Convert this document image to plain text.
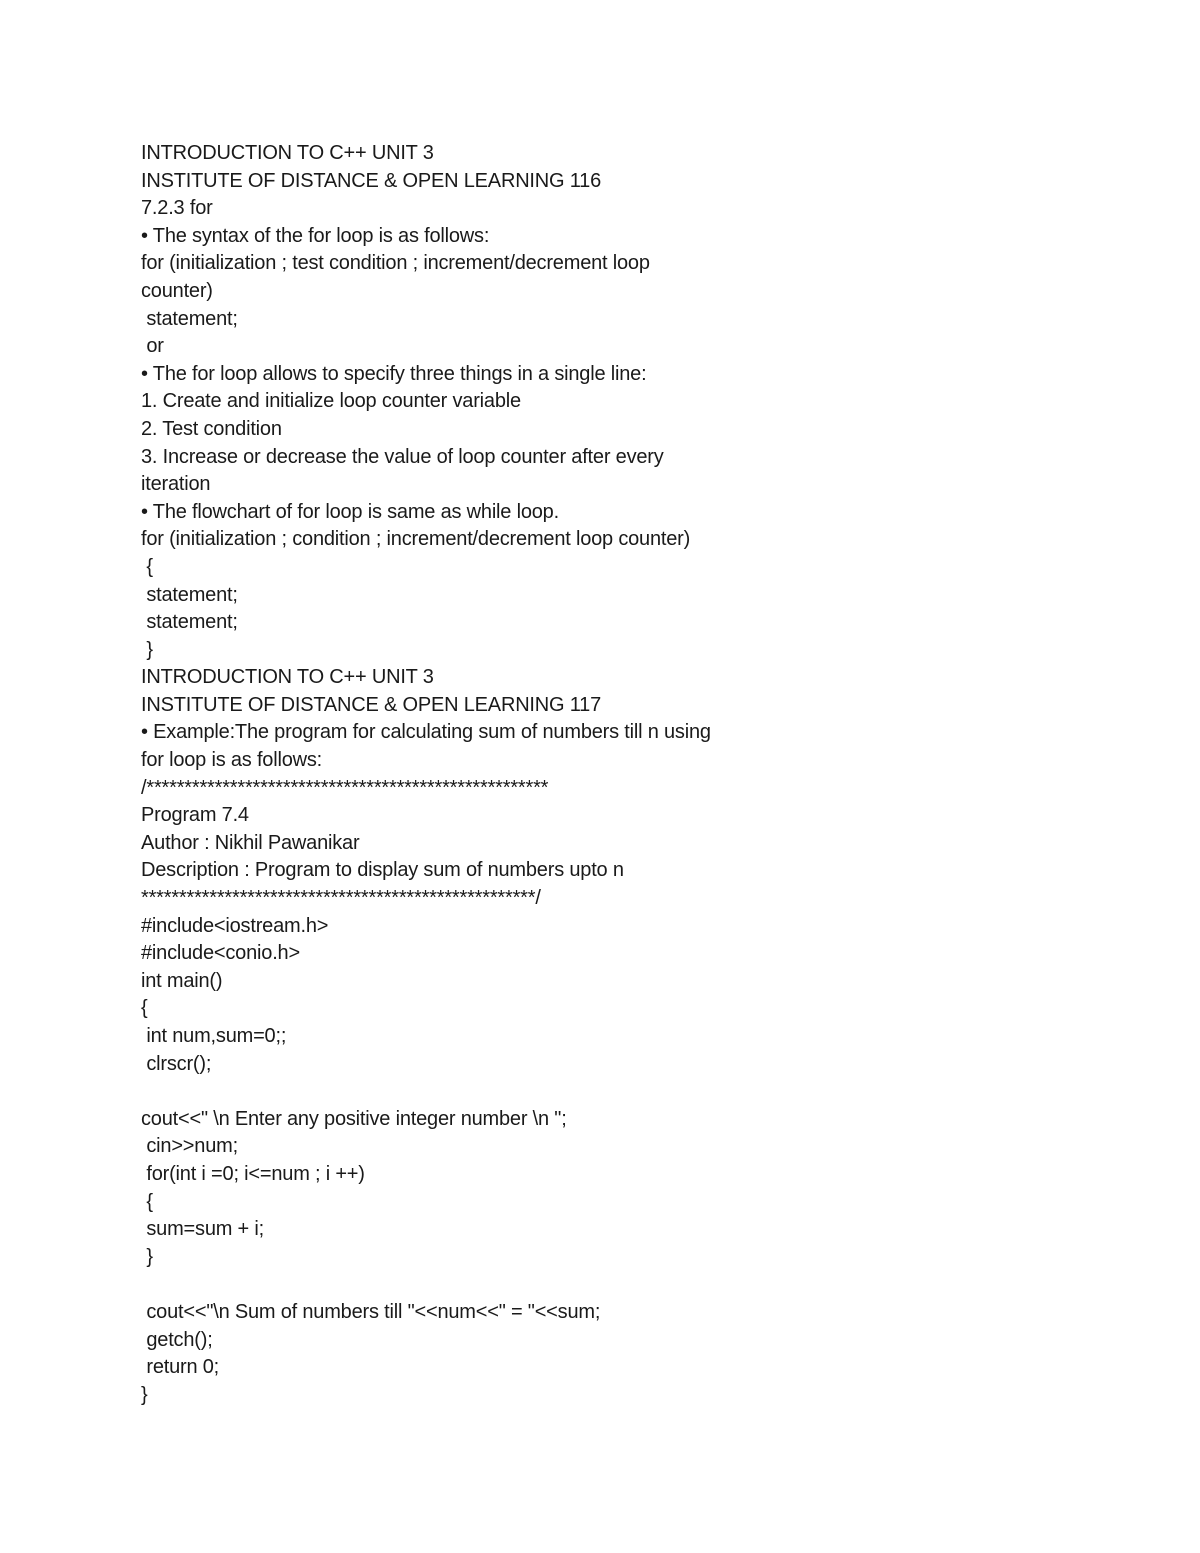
INTRODUCTION TO C++ UNIT 3
INSTITUTE OF DISTANCE & OPEN LEARNING 116
7.2.3 for
• The syntax of the for loop is as follows:
for (initialization ; test condition ; increment/decrement loop
counter)
statement;
or
• The for loop allows to specify three things in a single line:
1. Create and initialize loop counter variable
2. Test condition
3. Increase or decrease the value of loop counter after every
iteration
• The flowchart of for loop is same as while loop.
for (initialization ; condition ; increment/decrement loop counter)
{
statement;
statement;
}
INTRODUCTION TO C++ UNIT 3
INSTITUTE OF DISTANCE & OPEN LEARNING 117
• Example:The program for calculating sum of numbers till n using
for loop is as follows:
/*****************************************************
Program 7.4
Author : Nikhil Pawanikar
Description : Program to display sum of numbers upto n
****************************************************/
#include<iostream.h>
#include<conio.h>
int main()
{
int num,sum=0;;
clrscr();
cout<<" \n Enter any positive integer number \n ";
cin>>num;
for(int i =0; i<=num ; i ++)
{
sum=sum + i;
}
cout<<"\n Sum of numbers till "<<num<<" = "<<sum;
getch();
return 0;
}
